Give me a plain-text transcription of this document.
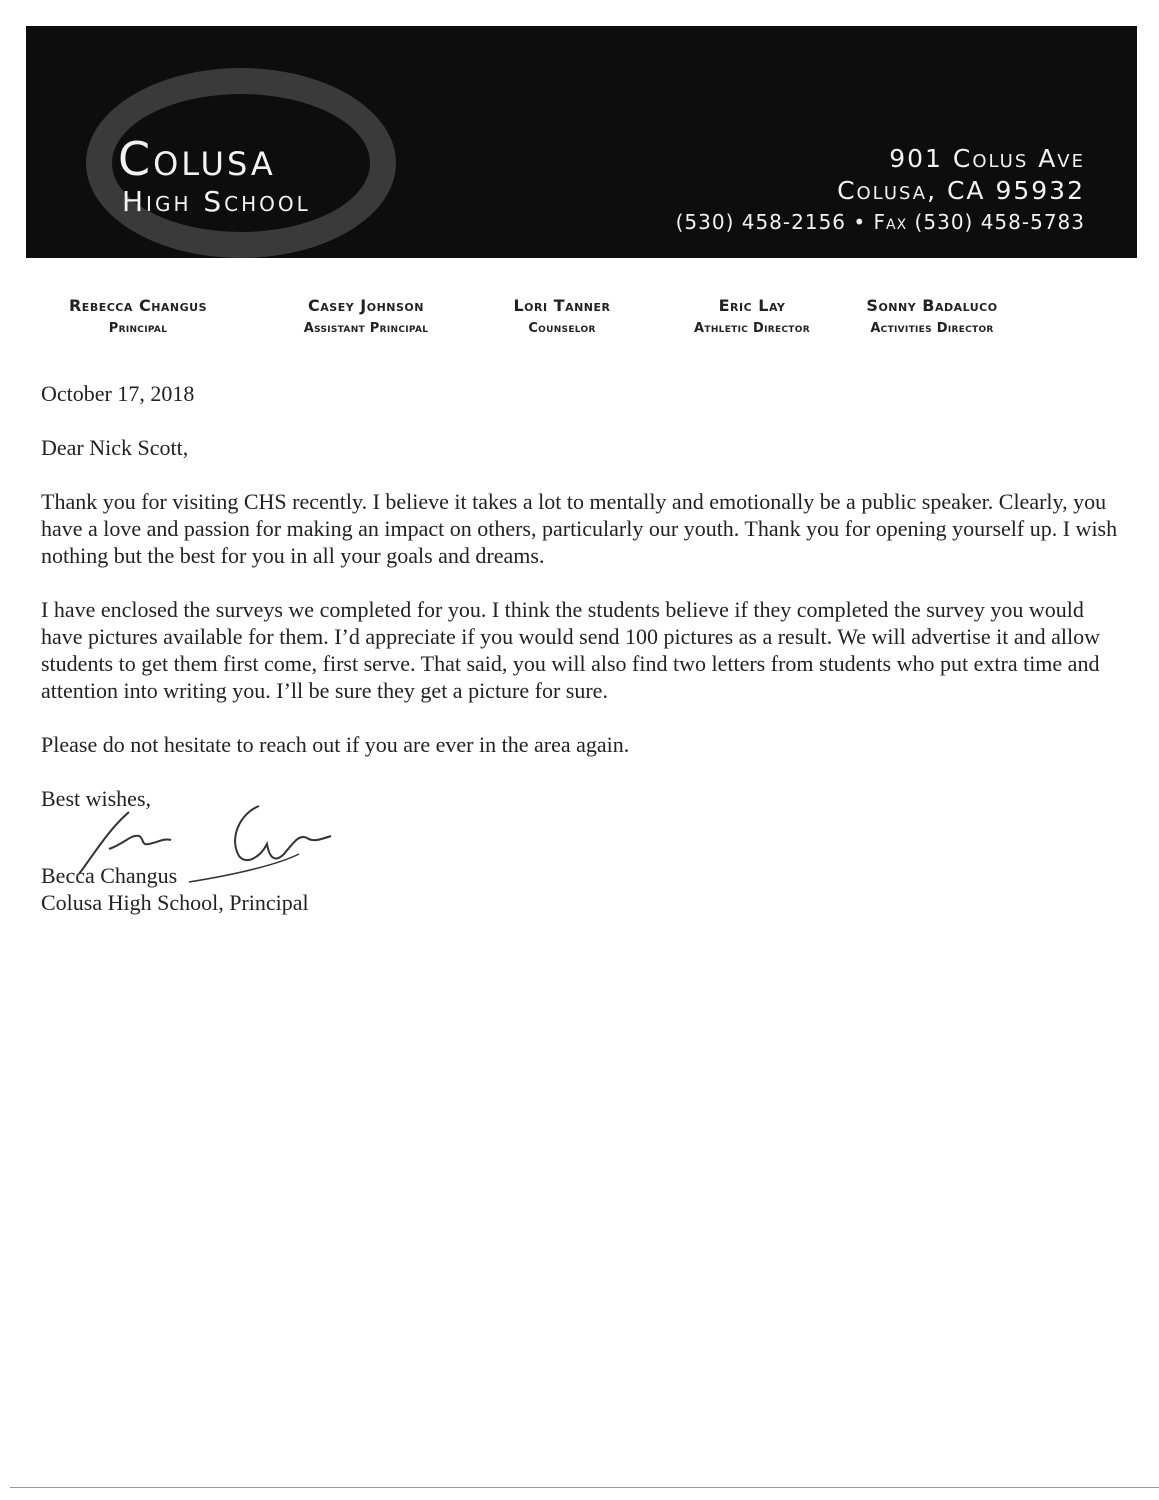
Colusa
High School
901 Colus Ave
Colusa, CA 95932
(530) 458-2156 • Fax (530) 458-5783
Rebecca Changus
Principal
Casey Johnson
Assistant Principal
Lori Tanner
Counselor
Eric Lay
Athletic Director
Sonny Badaluco
Activities Director

October 17, 2018

Dear Nick Scott,

Thank you for visiting CHS recently. I believe it takes a lot to mentally and emotionally be a public speaker. Clearly, you have a love and passion for making an impact on others, particularly our youth. Thank you for opening yourself up. I wish nothing but the best for you in all your goals and dreams.

I have enclosed the surveys we completed for you. I think the students believe if they completed the survey you would have pictures available for them. I’d appreciate if you would send 100 pictures as a result. We will advertise it and allow students to get them first come, first serve. That said, you will also find two letters from students who put extra time and attention into writing you. I’ll be sure they get a picture for sure.

Please do not hesitate to reach out if you are ever in the area again.

Best wishes,

Becca Changus

Colusa High School, Principal
